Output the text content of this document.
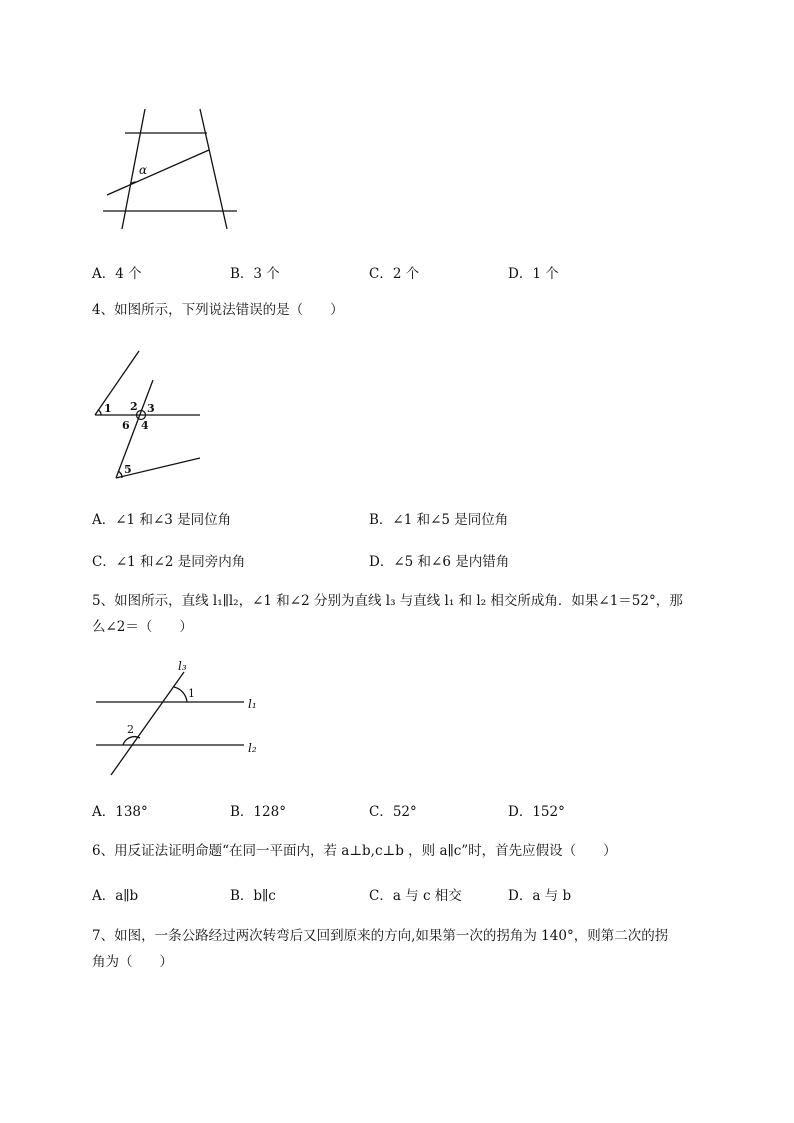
α
A．4 个	B．3 个	C．2 个	D．1 个
4、如图所示，下列说法错误的是（　　）
1 2 3
6 4
5
A．∠1 和∠3 是同位角	B．∠1 和∠5 是同位角
C．∠1 和∠2 是同旁内角	D．∠5 和∠6 是内错角
5、如图所示，直线 l₁∥l₂，∠1 和∠2 分别为直线 l₃ 与直线 l₁ 和 l₂ 相交所成角．如果∠1＝52°，那
么∠2＝（　　）
l₃
1
2
l₁
l₂
A．138°	B．128°	C．52°	D．152°
6、用反证法证明命题“在同一平面内，若 a⊥b,c⊥b ，则 a∥c”时，首先应假设（　　）
A．a∥b	B．b∥c	C．a 与 c 相交	D．a 与 b
7、如图，一条公路经过两次转弯后又回到原来的方向,如果第一次的拐角为 140°，则第二次的拐
角为（　　）
